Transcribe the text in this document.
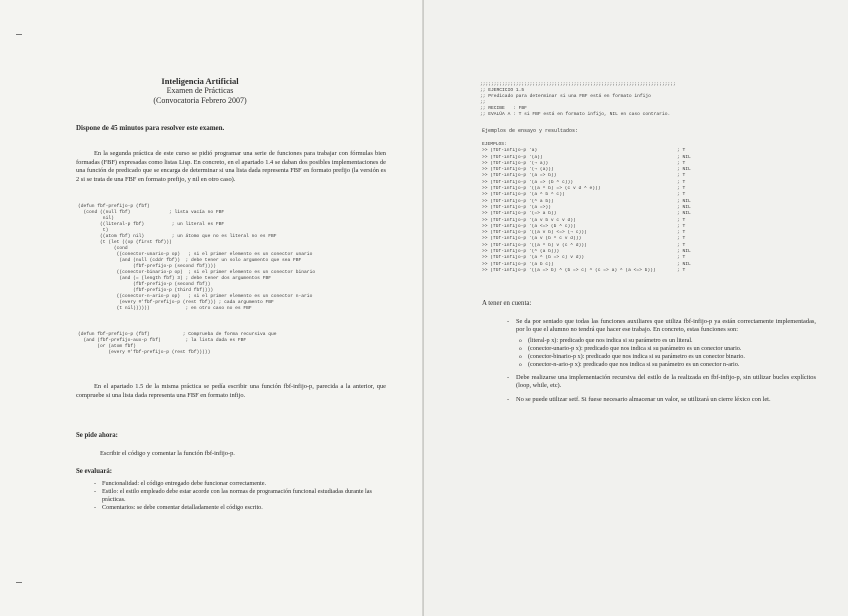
Inteligencia Artificial
Examen de Prácticas
(Convocatoria Febrero 2007)
Dispone de 45 minutos para resolver este examen.
En la segunda práctica de este curso se pidió programar una serie de funciones para trabajar con fórmulas bien formadas (FBF) expresadas como listas Lisp. En concreto, en el apartado 1.4 se daban dos posibles implementaciones de una función de predicado que se encarga de determinar si una lista dada representa FBF en formato prefijo (la versión es 2 si se trata de una FBF en formato prefijo, y nil en otro caso).
(defun fbf-prefijo-p (fbf)
(cond ((null fbf)              ; lista vacía no FBF
nil)
((literal-p fbf)          ; un literal es FBF
t)
((atom fbf) nil)          ; un átomo que no es literal no es FBF
(t (let ((op (first fbf)))
(cond
((conector-unario-p op)   ; si el primer elemento es un conector unario
(and (null (cddr fbf))  ; debe tener un solo argumento que sea FBF
(fbf-prefijo-p (second fbf))))
((conector-binario-p op)  ; si el primer elemento es un conector binario
(and (= (length fbf) 3) ; debe tener dos argumentos FBF
(fbf-prefijo-p (second fbf))
(fbf-prefijo-p (third fbf))))
((conector-n-ario-p op)   ; si el primer elemento es un conector n-ario
(every #'fbf-prefijo-p (rest fbf))) ; cada argumento FBF
(t nil))))))             ; en otro caso no es FBF
(defun fbf-prefijo-p (fbf)            ; Comprueba de forma recursiva que
(and (fbf-prefijo-aux-p fbf)         ; la lista dada es FBF
(or (atom fbf)
(every #'fbf-prefijo-p (rest fbf)))))
En el apartado 1.5 de la misma práctica se pedía escribir una función fbf-infijo-p, parecida a la anterior, que compruebe si una lista dada representa una FBF en formato infijo.
Se pide ahora:
Escribir el código y comentar la función fbf-infijo-p.
Se evaluará:
- Funcionalidad: el código entregado debe funcionar correctamente.
- Estilo: el estilo empleado debe estar acorde con las normas de programación funcional estudiadas durante las prácticas.
- Comentarios: se debe comentar detalladamente el código escrito.
;;;;;;;;;;;;;;;;;;;;;;;;;;;;;;;;;;;;;;;;;;;;;;;;;;;;;;;;;;;;;;;;;;;;;;;
;; EJERCICIO 1.5
;; Predicado para determinar si una FBF está en formato infijo
;;
;; RECIBE   : FBF
;; EVALÚA A : T si FBF está en formato infijo, NIL en caso contrario.
Ejemplos de ensayo y resultados:
EJEMPLOS:
>> (fbf-infijo-p 'a)	; T
>> (fbf-infijo-p '(a))	; NIL
>> (fbf-infijo-p '(¬ a))	; T
>> (fbf-infijo-p '(¬ (a)))	; NIL
>> (fbf-infijo-p '(a => b))	; T
>> (fbf-infijo-p '(a => (b ^ c)))	; T
>> (fbf-infijo-p '((a ^ b) => (c v d ^ e)))	; T
>> (fbf-infijo-p '(a ^ b ^ c))	; T
>> (fbf-infijo-p '(^ a b))	; NIL
>> (fbf-infijo-p '(a =>))	; NIL
>> (fbf-infijo-p '(=> a b))	; NIL
>> (fbf-infijo-p '(a v b v c v d))	; T
>> (fbf-infijo-p '(a <=> (b ^ c)))	; T
>> (fbf-infijo-p '((a v b) <=> (¬ c)))	; T
>> (fbf-infijo-p '(a v (b ^ c v d)))	; T
>> (fbf-infijo-p '((a ^ b) v (c ^ d)))	; T
>> (fbf-infijo-p '(^ (a b)))	; NIL
>> (fbf-infijo-p '(a ^ (b => c) v d))	; T
>> (fbf-infijo-p '(a b c))	; NIL
>> (fbf-infijo-p '((a => b) ^ (b => c) ^ (c => a) ^ (a <=> b)))	; T
A tener en cuenta:
- Se da por sentado que todas las funciones auxiliares que utiliza fbf-infijo-p ya están correctamente implementadas, por lo que el alumno no tendrá que hacer ese trabajo. En concreto, estas funciones son:
o (literal-p x): predicado que nos indica si su parámetro es un literal.
o (conector-unario-p x): predicado que nos indica si su parámetro es un conector unario.
o (conector-binario-p x): predicado que nos indica si su parámetro es un conector binario.
o (conector-n-ario-p x): predicado que nos indica si su parámetro es un conector n-ario.
- Debe realizarse una implementación recursiva del estilo de la realizada en fbf-infijo-p, sin utilizar bucles explícitos (loop, while, etc).
- No se puede utilizar setf. Si fuese necesario almacenar un valor, se utilizará un cierre léxico con let.
